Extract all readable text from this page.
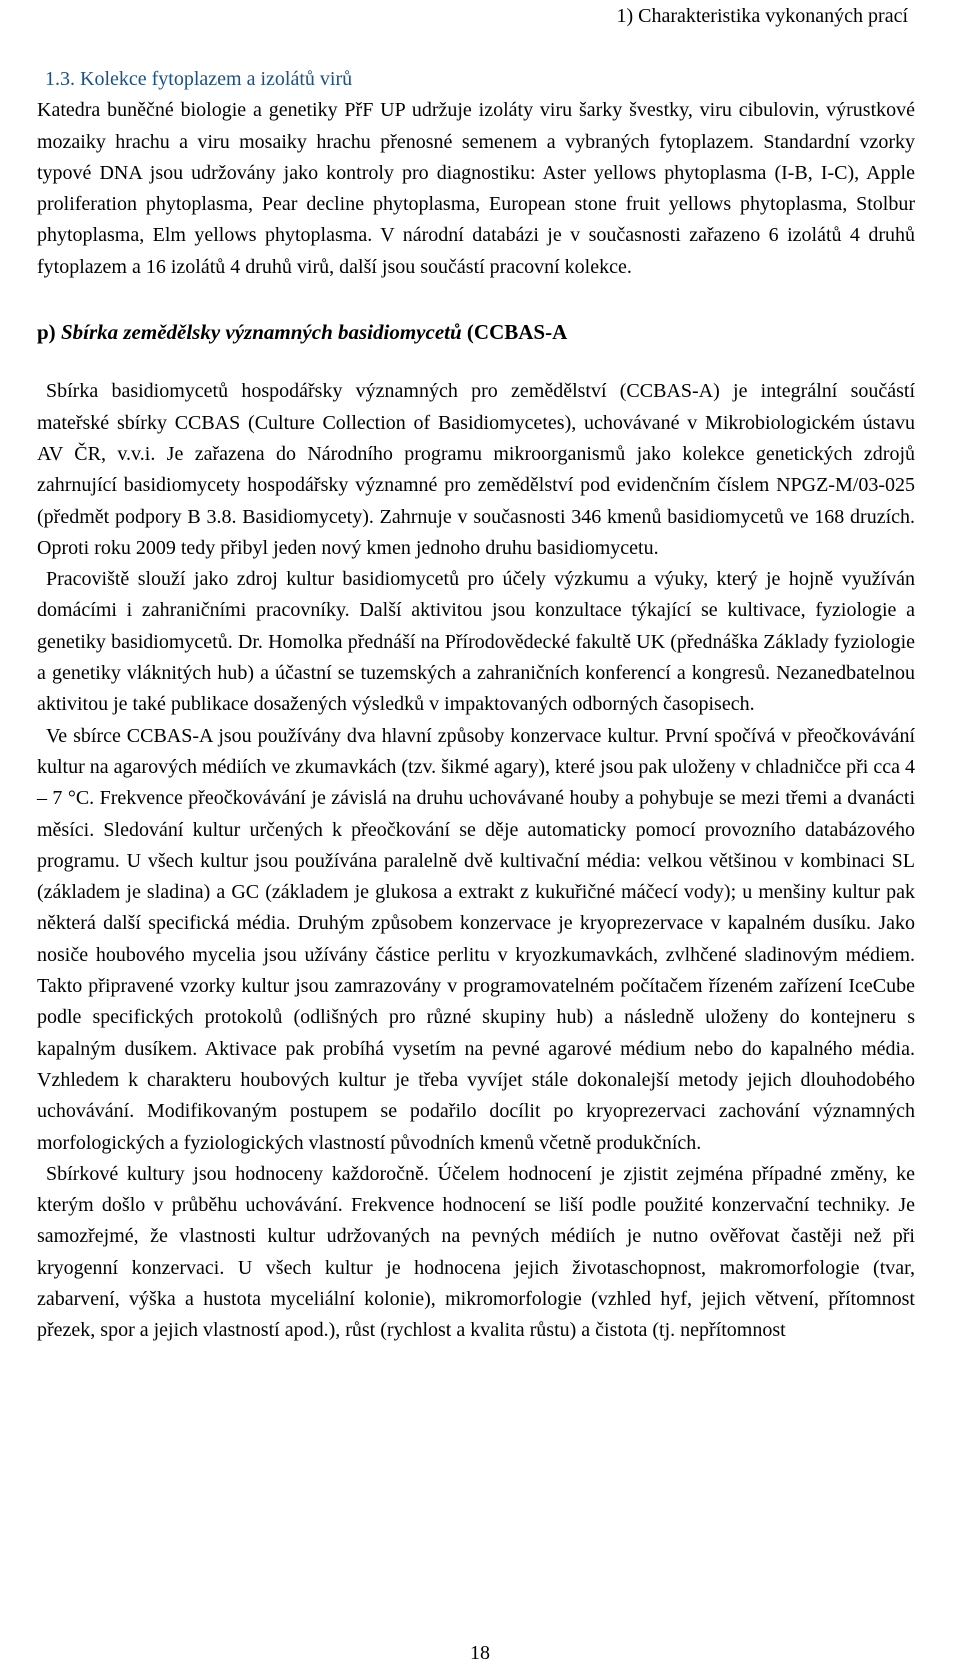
1) Charakteristika vykonaných prací
1.3. Kolekce fytoplazem a izolátů virů

Katedra buněčné biologie a genetiky PřF UP udržuje izoláty viru šarky švestky, viru cibulovin, výrustkové mozaiky hrachu a viru mosaiky hrachu přenosné semenem a vybraných fytoplazem. Standardní vzorky typové DNA jsou udržovány jako kontroly pro diagnostiku: Aster yellows phytoplasma (I-B, I-C), Apple proliferation phytoplasma, Pear decline phytoplasma, European stone fruit yellows phytoplasma, Stolbur phytoplasma, Elm yellows phytoplasma. V národní databázi je v současnosti zařazeno 6 izolátů 4 druhů fytoplazem a 16 izolátů 4 druhů virů, další jsou součástí pracovní kolekce.

p) Sbírka zemědělsky významných basidiomycetů (CCBAS-A

Sbírka basidiomycetů hospodářsky významných pro zemědělství (CCBAS-A) je integrální součástí mateřské sbírky CCBAS (Culture Collection of Basidiomycetes), uchovávané v Mikrobiologickém ústavu AV ČR, v.v.i. Je zařazena do Národního programu mikroorganismů jako kolekce genetických zdrojů zahrnující basidiomycety hospodářsky významné pro zemědělství pod evidenčním číslem NPGZ-M/03-025 (předmět podpory B 3.8. Basidiomycety). Zahrnuje v současnosti 346 kmenů basidiomycetů ve 168 druzích. Oproti roku 2009 tedy přibyl jeden nový kmen jednoho druhu basidiomycetu.

Pracoviště slouží jako zdroj kultur basidiomycetů pro účely výzkumu a výuky, který je hojně využíván domácími i zahraničními pracovníky. Další aktivitou jsou konzultace týkající se kultivace, fyziologie a genetiky basidiomycetů. Dr. Homolka přednáší na Přírodovědecké fakultě UK (přednáška Základy fyziologie a genetiky vláknitých hub) a účastní se tuzemských a zahraničních konferencí a kongresů. Nezanedbatelnou aktivitou je také publikace dosažených výsledků v impaktovaných odborných časopisech.

Ve sbírce CCBAS-A jsou používány dva hlavní způsoby konzervace kultur. První spočívá v přeočkovávání kultur na agarových médiích ve zkumavkách (tzv. šikmé agary), které jsou pak uloženy v chladničce při cca 4 – 7 °C. Frekvence přeočkovávání je závislá na druhu uchovávané houby a pohybuje se mezi třemi a dvanácti měsíci. Sledování kultur určených k přeočkování se děje automaticky pomocí provozního databázového programu. U všech kultur jsou používána paralelně dvě kultivační média: velkou většinou v kombinaci SL (základem je sladina) a GC (základem je glukosa a extrakt z kukuřičné máčecí vody); u menšiny kultur pak některá další specifická média. Druhým způsobem konzervace je kryoprezervace v kapalném dusíku. Jako nosiče houbového mycelia jsou užívány částice perlitu v kryozkumavkách, zvlhčené sladinovým médiem. Takto připravené vzorky kultur jsou zamrazovány v programovatelném počítačem řízeném zařízení IceCube podle specifických protokolů (odlišných pro různé skupiny hub) a následně uloženy do kontejneru s kapalným dusíkem. Aktivace pak probíhá vysetím na pevné agarové médium nebo do kapalného média. Vzhledem k charakteru houbových kultur je třeba vyvíjet stále dokonalejší metody jejich dlouhodobého uchovávání. Modifikovaným postupem se podařilo docílit po kryoprezervaci zachování významných morfologických a fyziologických vlastností původních kmenů včetně produkčních.

Sbírkové kultury jsou hodnoceny každoročně. Účelem hodnocení je zjistit zejména případné změny, ke kterým došlo v průběhu uchovávání. Frekvence hodnocení se liší podle použité konzervační techniky. Je samozřejmé, že vlastnosti kultur udržovaných na pevných médiích je nutno ověřovat častěji než při kryogenní konzervaci. U všech kultur je hodnocena jejich životaschopnost, makromorfologie (tvar, zabarvení, výška a hustota myceliální kolonie), mikromorfologie (vzhled hyf, jejich větvení, přítomnost přezek, spor a jejich vlastností apod.), růst (rychlost a kvalita růstu) a čistota (tj. nepřítomnost

18
